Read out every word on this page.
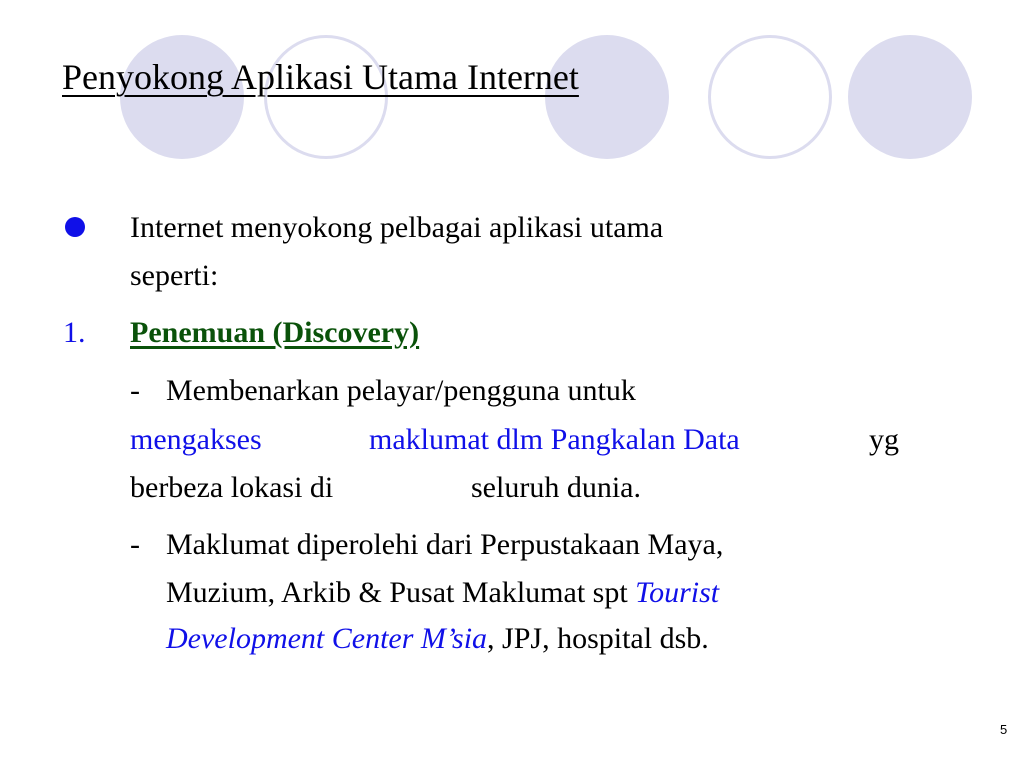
Penyokong Aplikasi Utama Internet

Internet menyokong pelbagai aplikasi utama

seperti:

1. Penemuan (Discovery)

- Membenarkan pelayar/pengguna untuk

mengakses	maklumat dlm Pangkalan Data	yg

berbeza lokasi di	seluruh dunia.

- Maklumat diperolehi dari Perpustakaan Maya,

Muzium, Arkib & Pusat Maklumat spt Tourist

Development Center M’sia, JPJ, hospital dsb.

5
